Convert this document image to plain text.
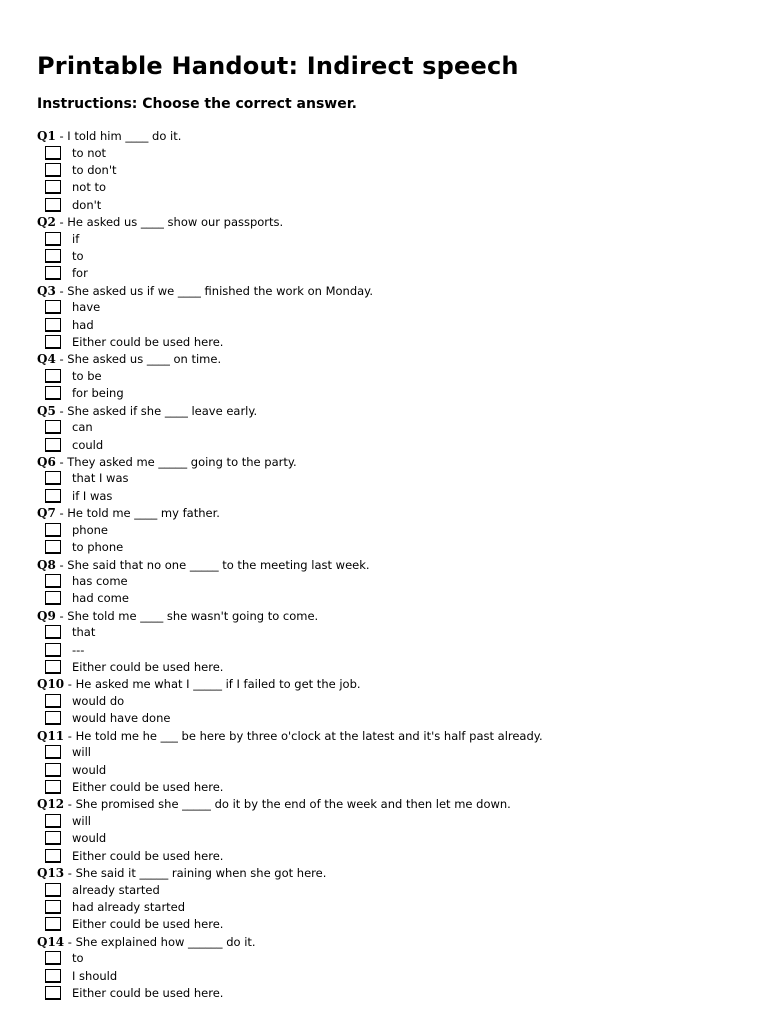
Printable Handout: Indirect speech
Instructions: Choose the correct answer.
Q1 - I told him ____ do it.
to not
to don't
not to
don't
Q2 - He asked us ____ show our passports.
if
to
for
Q3 - She asked us if we ____ finished the work on Monday.
have
had
Either could be used here.
Q4 - She asked us ____ on time.
to be
for being
Q5 - She asked if she ____ leave early.
can
could
Q6 - They asked me _____ going to the party.
that I was
if I was
Q7 - He told me ____ my father.
phone
to phone
Q8 - She said that no one _____ to the meeting last week.
has come
had come
Q9 - She told me ____ she wasn't going to come.
that
---
Either could be used here.
Q10 - He asked me what I _____ if I failed to get the job.
would do
would have done
Q11 - He told me he ___ be here by three o'clock at the latest and it's half past already.
will
would
Either could be used here.
Q12 - She promised she _____ do it by the end of the week and then let me down.
will
would
Either could be used here.
Q13 - She said it _____ raining when she got here.
already started
had already started
Either could be used here.
Q14 - She explained how ______ do it.
to
I should
Either could be used here.
